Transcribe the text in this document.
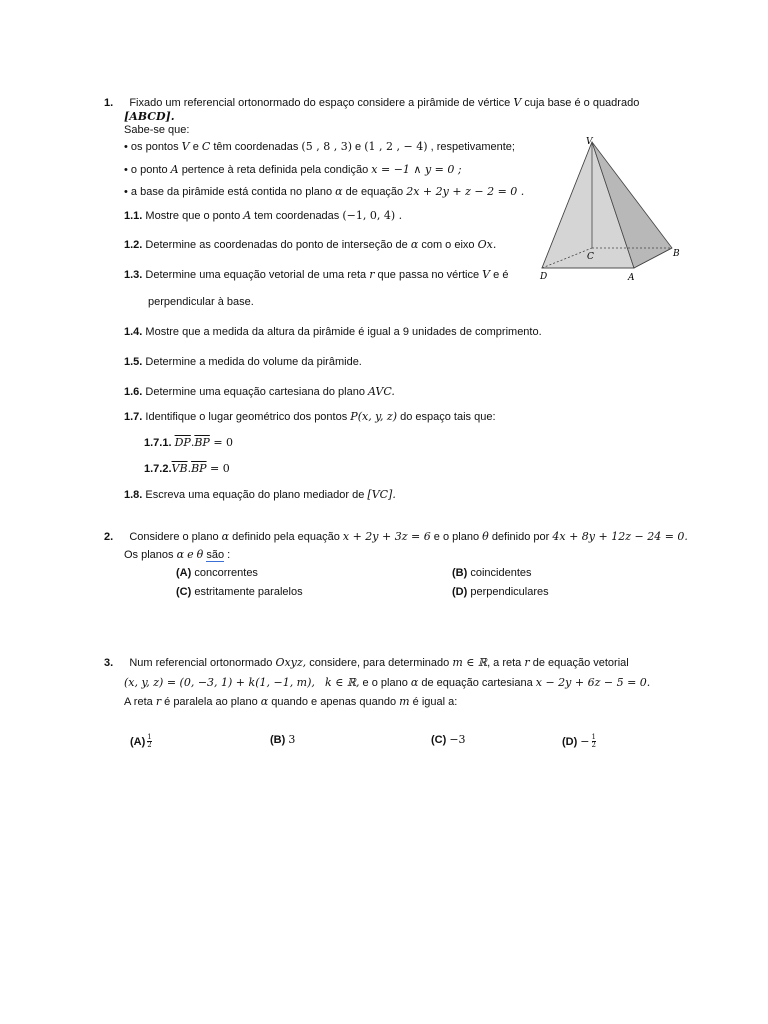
1. Fixado um referencial ortonormado do espaço considere a pirâmide de vértice V cuja base é o quadrado
[ABCD].
Sabe-se que:
• os pontos V e C têm coordenadas (5 , 8 , 3) e (1 , 2 , − 4) , respetivamente;
• o ponto A pertence à reta definida pela condição x = −1 ∧ y = 0 ;
• a base da pirâmide está contida no plano α de equação 2x + 2y + z − 2 = 0 .
1.1. Mostre que o ponto A tem coordenadas (−1, 0, 4) .
1.2. Determine as coordenadas do ponto de interseção de α com o eixo Ox.
1.3. Determine uma equação vetorial de uma reta r que passa no vértice V e é
perpendicular à base.
1.4. Mostre que a medida da altura da pirâmide é igual a 9 unidades de comprimento.
1.5. Determine a medida do volume da pirâmide.
1.6. Determine uma equação cartesiana do plano AVC.
1.7. Identifique o lugar geométrico dos pontos P(x, y, z) do espaço tais que:
1.7.1. $\overline{DP}.\overline{BP} = 0$
$1.7.2.\overline{VB}.\overline{BP} = 0$
1.8. Escreva uma equação do plano mediador de [VC].
V
C	B
D	A
2. Considere o plano α definido pela equação x + 2y + 3z = 6 e o plano θ definido por 4x + 8y + 12z − 24 = 0.
Os planos α e θ são :
(A) concorrentes	(B) coincidentes
(C) estritamente paralelos	(D) perpendiculares
3. Num referencial ortonormado Oxyz, considere, para determinado m ∈ ℝ, a reta r de equação vetorial
(x, y, z) = (0, −3, 1) + k(1, −1, m), k ∈ ℝ, e o plano α de equação cartesiana x − 2y + 6z − 5 = 0.
A reta r é paralela ao plano α quando e apenas quando m é igual a:
$(A) \frac{1}{2}$	(B) 3	(C) −3	$(D) - \frac{1}{2}$
